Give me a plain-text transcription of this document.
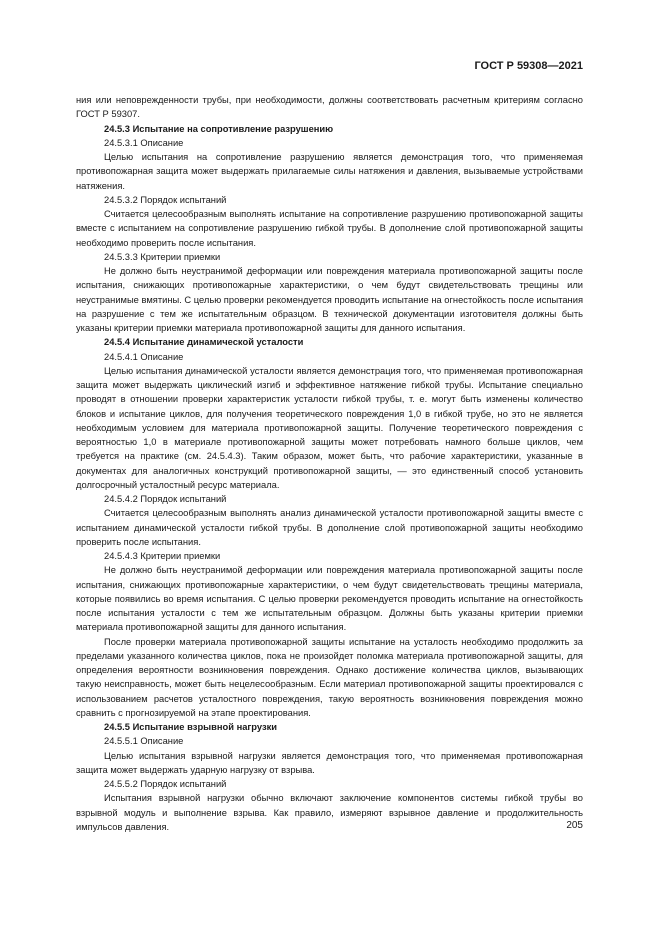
ГОСТ Р 59308—2021

ния или неповрежденности трубы, при необходимости, должны соответствовать расчетным критериям согласно ГОСТ Р 59307.

24.5.3 Испытание на сопротивление разрушению

24.5.3.1 Описание

Целью испытания на сопротивление разрушению является демонстрация того, что применяемая противопожарная защита может выдержать прилагаемые силы натяжения и давления, вызываемые устройствами натяжения.

24.5.3.2 Порядок испытаний

Считается целесообразным выполнять испытание на сопротивление разрушению противопожарной защиты вместе с испытанием на сопротивление разрушению гибкой трубы. В дополнение слой противопожарной защиты необходимо проверить после испытания.

24.5.3.3 Критерии приемки

Не должно быть неустранимой деформации или повреждения материала противопожарной защиты после испытания, снижающих противопожарные характеристики, о чем будут свидетельствовать трещины или неустранимые вмятины. С целью проверки рекомендуется проводить испытание на огнестойкость после испытания на разрушение с тем же испытательным образцом. В технической документации изготовителя должны быть указаны критерии приемки материала противопожарной защиты для данного испытания.

24.5.4 Испытание динамической усталости

24.5.4.1 Описание

Целью испытания динамической усталости является демонстрация того, что применяемая противопожарная защита может выдержать циклический изгиб и эффективное натяжение гибкой трубы. Испытание специально проводят в отношении проверки характеристик усталости гибкой трубы, т. е. могут быть изменены количество блоков и испытание циклов, для получения теоретического повреждения 1,0 в гибкой трубе, но это не является необходимым условием для материала противопожарной защиты. Получение теоретического повреждения с вероятностью 1,0 в материале противопожарной защиты может потребовать намного больше циклов, чем требуется на практике (см. 24.5.4.3). Таким образом, может быть, что рабочие характеристики, указанные в документах для аналогичных конструкций противопожарной защиты, — это единственный способ установить долгосрочный усталостный ресурс материала.

24.5.4.2 Порядок испытаний

Считается целесообразным выполнять анализ динамической усталости противопожарной защиты вместе с испытанием динамической усталости гибкой трубы. В дополнение слой противопожарной защиты необходимо проверить после испытания.

24.5.4.3 Критерии приемки

Не должно быть неустранимой деформации или повреждения материала противопожарной защиты после испытания, снижающих противопожарные характеристики, о чем будут свидетельствовать трещины материала, которые появились во время испытания. С целью проверки рекомендуется проводить испытание на огнестойкость после испытания усталости с тем же испытательным образцом. Должны быть указаны критерии приемки материала противопожарной защиты для данного испытания.

После проверки материала противопожарной защиты испытание на усталость необходимо продолжить за пределами указанного количества циклов, пока не произойдет поломка материала противопожарной защиты, для определения вероятности возникновения повреждения. Однако достижение количества циклов, вызывающих такую неисправность, может быть нецелесообразным. Если материал противопожарной защиты проектировался с использованием расчетов усталостного повреждения, такую вероятность возникновения повреждения можно сравнить с прогнозируемой на этапе проектирования.

24.5.5 Испытание взрывной нагрузки

24.5.5.1 Описание

Целью испытания взрывной нагрузки является демонстрация того, что применяемая противопожарная защита может выдержать ударную нагрузку от взрыва.

24.5.5.2 Порядок испытаний

Испытания взрывной нагрузки обычно включают заключение компонентов системы гибкой трубы во взрывной модуль и выполнение взрыва. Как правило, измеряют взрывное давление и продолжительность импульсов давления.	205
